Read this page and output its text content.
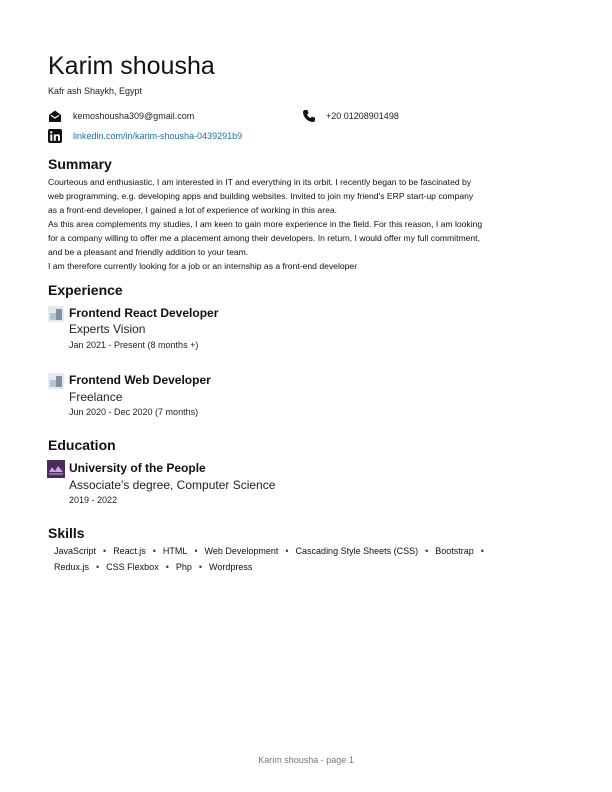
Karim shousha
Kafr ash Shaykh, Egypt
kemoshousha309@gmail.com	+20 01208901498
linkedin.com/in/karim-shousha-0439291b9
Summary
Courteous and enthusiastic, I am interested in IT and everything in its orbit. I recently began to be fascinated by
web programming, e.g. developing apps and building websites. Invited to join my friend's ERP start-up company
as a front-end developer, I gained a lot of experience of working in this area.
As this area complements my studies, I am keen to gain more experience in the field. For this reason, I am looking
for a company willing to offer me a placement among their developers. In return, I would offer my full commitment,
and be a pleasant and friendly addition to your team.
I am therefore currently looking for a job or an internship as a front-end developer
Experience
Frontend React Developer
Experts Vision
Jan 2021 - Present (8 months +)
Frontend Web Developer
Freelance
Jun 2020 - Dec 2020 (7 months)
Education
University of the People
Associate's degree, Computer Science
2019 - 2022
Skills
JavaScript • React.js • HTML • Web Development • Cascading Style Sheets (CSS) • Bootstrap •
Redux.js • CSS Flexbox • Php • Wordpress
Karim shousha - page 1
